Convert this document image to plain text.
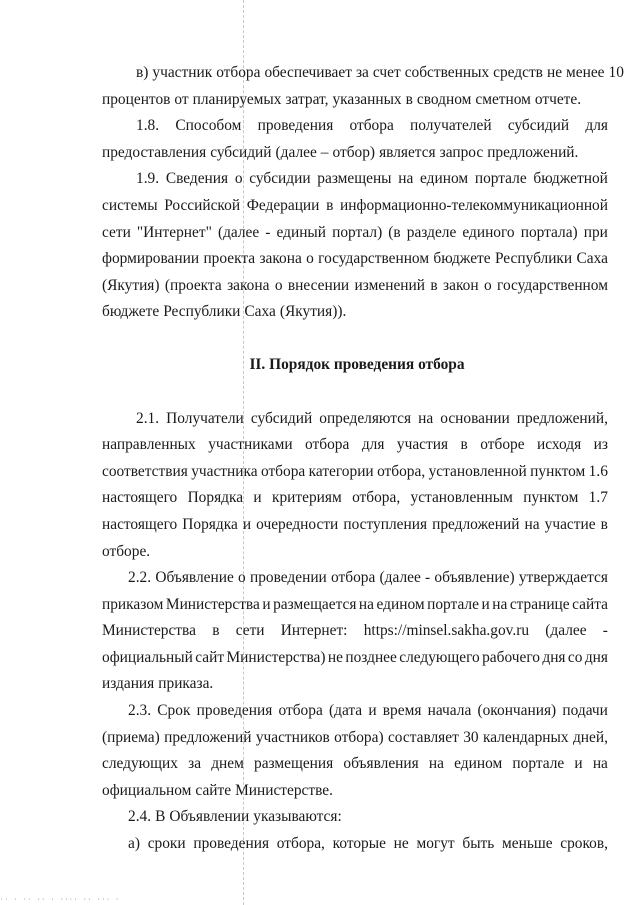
в) участник отбора обеспечивает за счет собственных средств не менее 10
процентов от планируемых затрат, указанных в сводном сметном отчете.
1.8. Способом проведения отбора получателей субсидий для
предоставления субсидий (далее – отбор) является запрос предложений.
1.9. Сведения о субсидии размещены на едином портале бюджетной
системы Российской Федерации в информационно-телекоммуникационной
сети "Интернет" (далее - единый портал) (в разделе единого портала) при
формировании проекта закона о государственном бюджете Республики Саха
(Якутия) (проекта закона о внесении изменений в закон о государственном
бюджете Республики Саха (Якутия)).
II. Порядок проведения отбора
2.1. Получатели субсидий определяются на основании предложений,
направленных участниками отбора для участия в отборе исходя из
соответствия участника отбора категории отбора, установленной пунктом 1.6
настоящего Порядка и критериям отбора, установленным пунктом 1.7
настоящего Порядка и очередности поступления предложений на участие в
отборе.
2.2. Объявление о проведении отбора (далее - объявление) утверждается
приказом Министерства и размещается на едином портале и на странице сайта
Министерства в сети Интернет: https://minsel.sakha.gov.ru (далее -
официальный сайт Министерства) не позднее следующего рабочего дня со дня
издания приказа.
2.3. Срок проведения отбора (дата и время начала (окончания) подачи
(приема) предложений участников отбора) составляет 30 календарных дней,
следующих за днем размещения объявления на едином портале и на
официальном сайте Министерстве.
2.4. В Объявлении указываются:
а) сроки проведения отбора, которые не могут быть меньше сроков,
·· · ·· ·· · ···· ·· ··· ·
